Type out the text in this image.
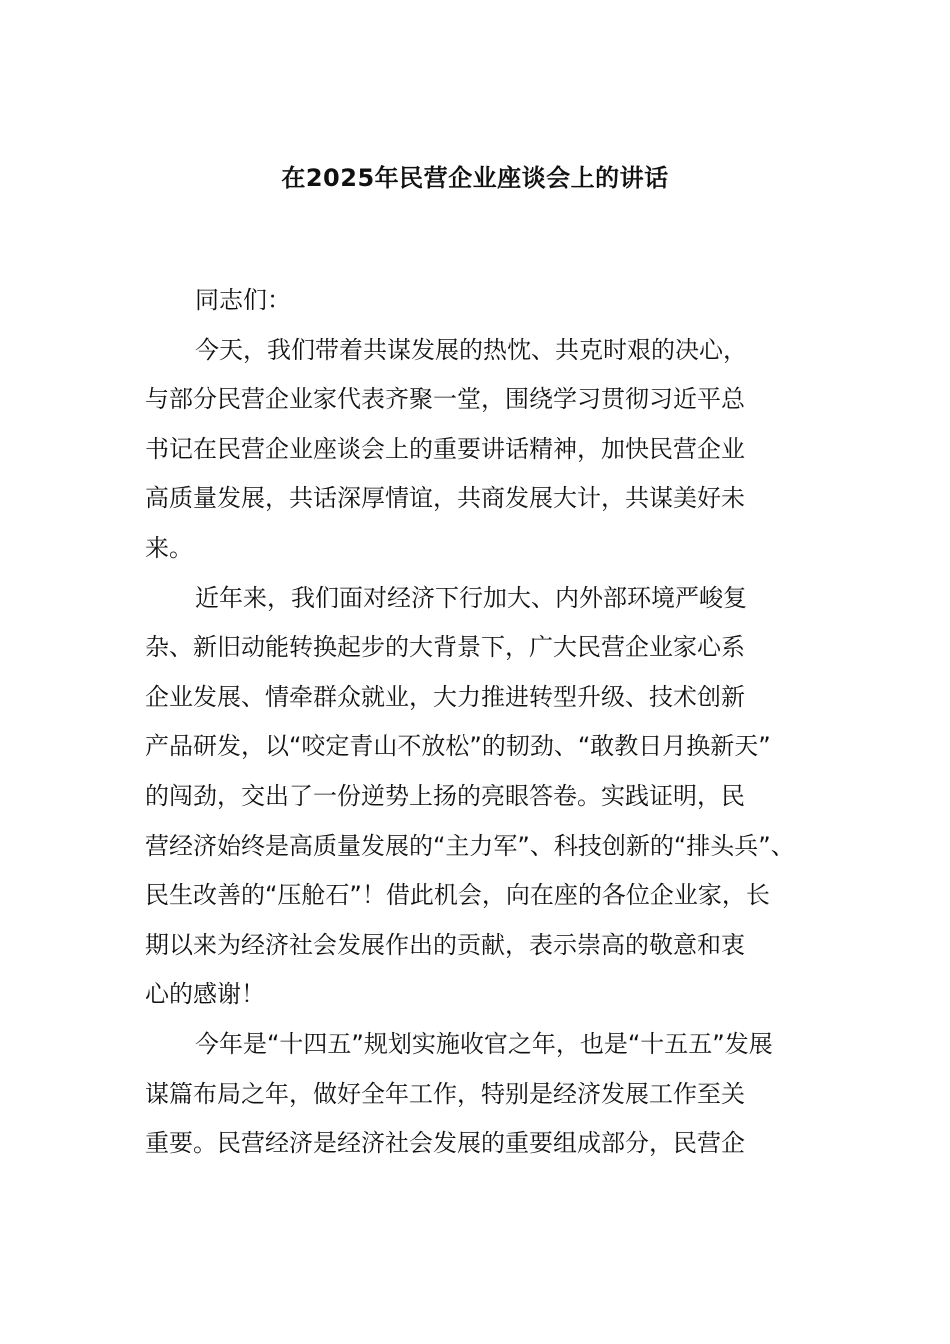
在2025年民营企业座谈会上的讲话
同志们：
今天，我们带着共谋发展的热忱、共克时艰的决心，
与部分民营企业家代表齐聚一堂，围绕学习贯彻习近平总
书记在民营企业座谈会上的重要讲话精神，加快民营企业
高质量发展，共话深厚情谊，共商发展大计，共谋美好未
来。
近年来，我们面对经济下行加大、内外部环境严峻复
杂、新旧动能转换起步的大背景下，广大民营企业家心系
企业发展、情牵群众就业，大力推进转型升级、技术创新
产品研发，以“咬定青山不放松”的韧劲、“敢教日月换新天”
的闯劲，交出了一份逆势上扬的亮眼答卷。实践证明，民
营经济始终是高质量发展的“主力军”、科技创新的“排头兵”、
民生改善的“压舱石”！借此机会，向在座的各位企业家，长
期以来为经济社会发展作出的贡献，表示崇高的敬意和衷
心的感谢！
今年是“十四五”规划实施收官之年，也是“十五五”发展
谋篇布局之年，做好全年工作，特别是经济发展工作至关
重要。民营经济是经济社会发展的重要组成部分，民营企
